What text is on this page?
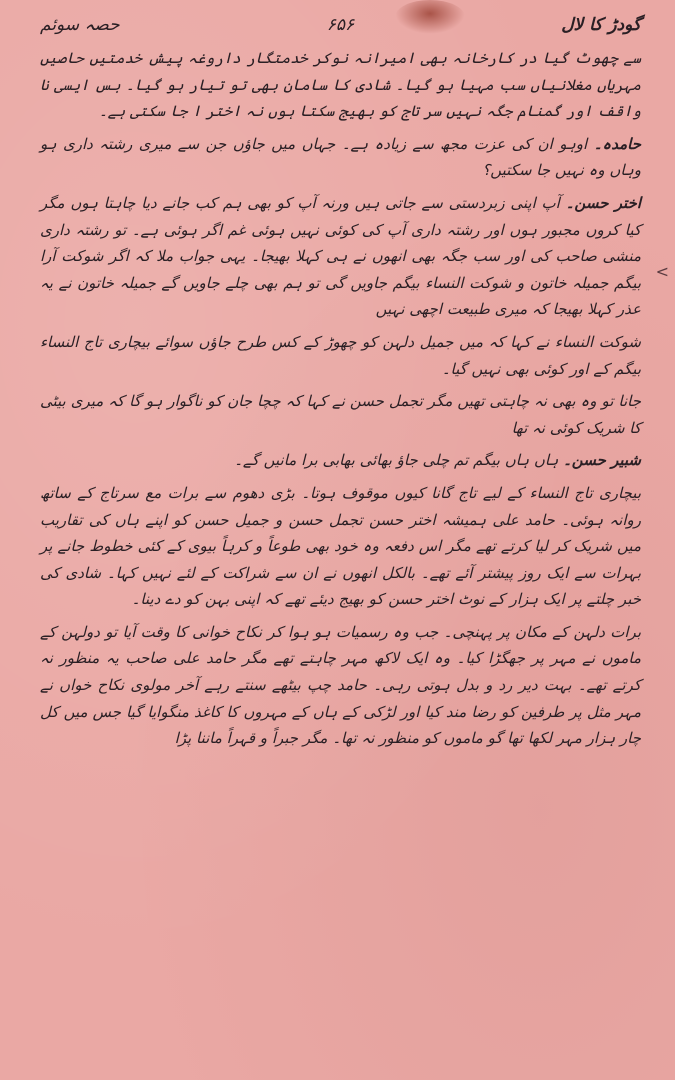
گودڑ کا لال
۶۵۶
حصہ سوئم

سے چھوٹ گیا در کارخانہ بھی امیرانہ نوکر خدمتگار داروغہ پیش خدمتیں حاصیں مہریاں مغلانیاں سب مہیا ہو گیا۔ شادی کا سامان بھی تو تیار ہو گیا۔ بس ایسی نا واقف اور گمنام جگہ نہیں سر تاج کو بھیج سکتا ہوں نہ اختر ا جا سکتی ہے۔

حامدہ۔ اوہو ان کی عزت مجھ سے زیادہ ہے۔ جہاں میں جاؤں جن سے میری رشتہ داری ہو وہاں وہ نہیں جا سکتیں؟

اختر حسن۔ آپ اپنی زبردستی سے جاتی ہیں ورنہ آپ کو بھی ہم کب جانے دیا چاہتا ہوں مگر کیا کروں مجبور ہوں اور رشتہ داری آپ کی کوئی نہیں ہوئی غم اگر ہوئی ہے۔ تو رشتہ داری منشی صاحب کی اور سب جگہ بھی انھوں نے ہی کہلا بھیجا۔ یہی جواب ملا کہ اگر شوکت آرا بیگم جمیلہ خاتون و شوکت النساء بیگم جاویں گی تو ہم بھی چلے جاویں گے جمیلہ خاتون نے یہ عذر کہلا بھیجا کہ میری طبیعت اچھی نہیں

شوکت النساء نے کہا کہ میں جمیل دلہن کو چھوڑ کے کس طرح جاؤں سوائے بیچاری تاج النساء بیگم کے اور کوئی بھی نہیں گیا۔

جانا تو وہ بھی نہ چاہتی تھیں مگر تجمل حسن نے کہا کہ چچا جان کو ناگوار ہو گا کہ میری بیٹی کا شریک کوئی نہ تھا

شبیر حسن۔ ہاں ہاں بیگم تم چلی جاؤ بھائی بھابی برا مانیں گے۔

بیچاری تاج النساء کے لیے تاج گانا کیوں موقوف ہوتا۔ بڑی دھوم سے برات مع سرتاج کے ساتھ روانہ ہوئی۔ حامد علی ہمیشہ اختر حسن تجمل حسن و جمیل حسن کو اپنے ہاں کی تقاریب میں شریک کر لیا کرتے تھے مگر اس دفعہ وہ خود بھی طوعاً و کرہاً بیوی کے کئی خطوط جانے پر بہرات سے ایک روز پیشتر آئے تھے۔ بالکل انھوں نے ان سے شراکت کے لئے نہیں کہا۔ شادی کی خبر چلتے پر ایک ہزار کے نوٹ اختر حسن کو بھیج دیئے تھے کہ اپنی بہن کو دے دینا۔

برات دلہن کے مکان پر پہنچی۔ جب وہ رسمیات ہو ہوا کر نکاح خوانی کا وقت آیا تو دولہن کے ماموں نے مہر پر جھگڑا کیا۔ وہ ایک لاکھ مہر چاہتے تھے مگر حامد علی صاحب یہ منظور نہ کرتے تھے۔ بہت دیر رد و بدل ہوتی رہی۔ حامد چپ بیٹھے سنتے رہے آخر مولوی نکاح خواں نے مہر مثل پر طرفین کو رضا مند کیا اور لڑکی کے ہاں کے مہروں کا کاغذ منگوایا گیا جس میں کل چار ہزار مہر لکھا تھا گو ماموں کو منظور نہ تھا۔ مگر جبراً و قہراً ماننا پڑا

<
